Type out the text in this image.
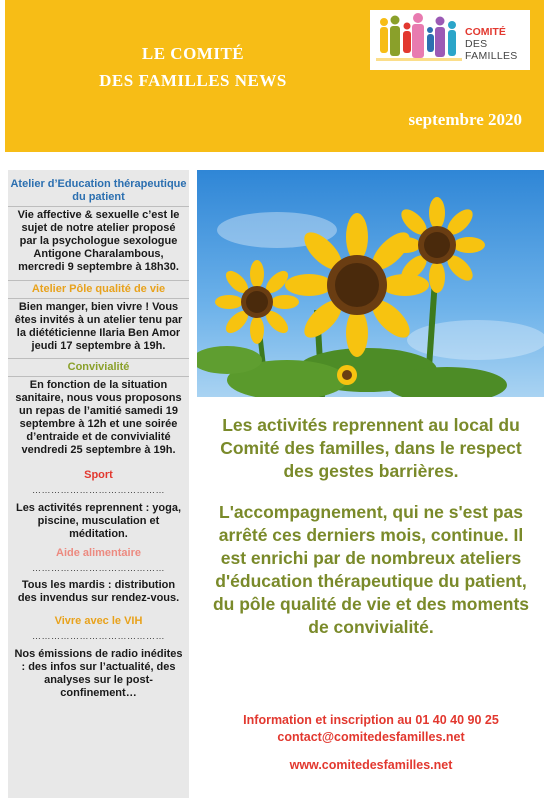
LE COMITÉ
DES FAMILLES NEWS
septembre 2020
COMITÉ
DES FAMILLES
Atelier d’Education thérapeutique du patient
Vie affective & sexuelle c’est le sujet de notre atelier proposé par la psychologue sexologue Antigone Charalambous, mercredi 9 septembre à 18h30.
Atelier Pôle qualité de vie
Bien manger, bien vivre ! Vous êtes invités à un atelier tenu par la diététicienne Ilaria Ben Amor jeudi 17 septembre à 19h.
Convivialité
En fonction de la situation sanitaire, nous vous proposons un repas de l’amitié samedi 19 septembre à 12h et une soirée d’entraide et de convivialité vendredi 25 septembre à 19h.
Sport
……………………………………
Les activités reprennent : yoga, piscine, musculation et méditation.
Aide alimentaire
……………………………………
Tous les mardis : distribution des invendus sur rendez-vous.
Vivre avec le VIH
……………………………………
Nos émissions de radio inédites : des infos sur l’actualité, des analyses sur le post-confinement…

Les activités reprennent au local du Comité des familles, dans le respect des gestes barrières.

L'accompagnement, qui ne s'est pas arrêté ces derniers mois, continue. Il est enrichi par de nombreux ateliers d'éducation thérapeutique du patient, du pôle qualité de vie et des moments de convivialité.

Information et inscription au 01 40 40 90 25
contact@comitedesfamilles.net
www.comitedesfamilles.net
